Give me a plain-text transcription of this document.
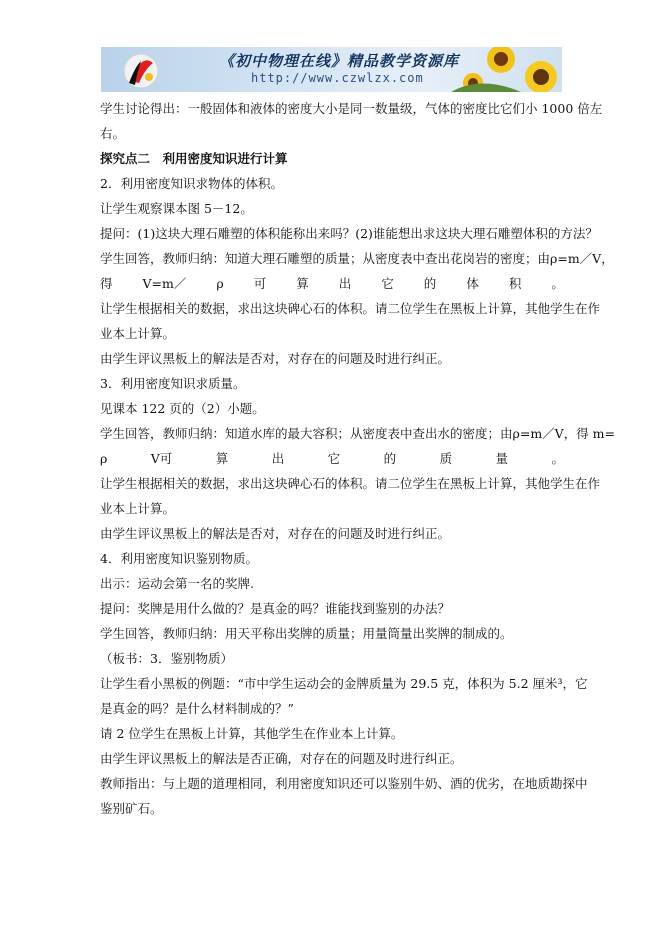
《初中物理在线》精品教学资源库
http://www.czwlzx.com
学生讨论得出：一般固体和液体的密度大小是同一数量级，气体的密度比它们小 1000 倍左
右。
探究点二　利用密度知识进行计算
2．利用密度知识求物体的体积。
让学生观察课本图 5－12。
提问：(1)这块大理石雕塑的体积能称出来吗？(2)谁能想出求这块大理石雕塑体积的方法？
学生回答，教师归纳：知道大理石雕塑的质量；从密度表中查出花岗岩的密度；由ρ=m／V，
得 V=m／ ρ 可 算 出 它 的 体 积 。
让学生根据相关的数据，求出这块碑心石的体积。请二位学生在黑板上计算，其他学生在作
业本上计算。
由学生评议黑板上的解法是否对，对存在的问题及时进行纠正。
3．利用密度知识求质量。
见课本 122 页的（2）小题。
学生回答，教师归纳：知道水库的最大容积；从密度表中查出水的密度；由ρ=m／V，得 m=
ρ	V可	算	出	它	的	质	量	。
让学生根据相关的数据，求出这块碑心石的体积。请二位学生在黑板上计算，其他学生在作
业本上计算。
由学生评议黑板上的解法是否对，对存在的问题及时进行纠正。
4．利用密度知识鉴别物质。
出示：运动会第一名的奖牌.
提问：奖牌是用什么做的？是真金的吗？谁能找到鉴别的办法？
学生回答，教师归纳：用天平称出奖牌的质量；用量筒量出奖牌的制成的。
（板书：3．鉴别物质）
让学生看小黑板的例题：“市中学生运动会的金牌质量为 29.5 克，体积为 5.2 厘米³，它
是真金的吗？是什么材料制成的？”
请 2 位学生在黑板上计算，其他学生在作业本上计算。
由学生评议黑板上的解法是否正确，对存在的问题及时进行纠正。
教师指出：与上题的道理相同，利用密度知识还可以鉴别牛奶、酒的优劣，在地质勘探中
鉴别矿石。
